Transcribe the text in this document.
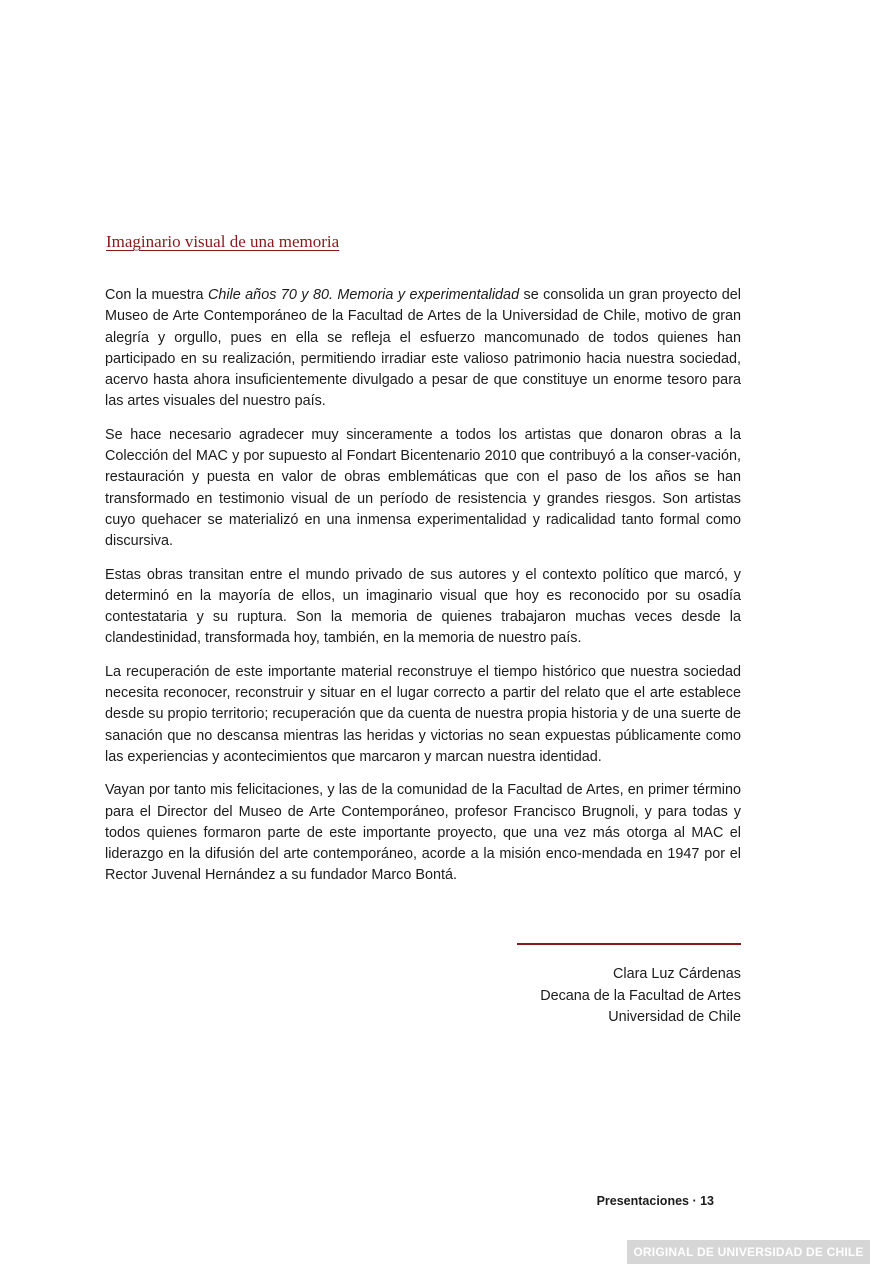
Imaginario visual de una memoria

Con la muestra Chile años 70 y 80. Memoria y experimentalidad se consolida un gran proyecto del Museo de Arte Contemporáneo de la Facultad de Artes de la Universidad de Chile, motivo de gran alegría y orgullo, pues en ella se refleja el esfuerzo mancomunado de todos quienes han participado en su realización, permitiendo irradiar este valioso patrimonio hacia nuestra sociedad, acervo hasta ahora insuficientemente divulgado a pesar de que constituye un enorme tesoro para las artes visuales del nuestro país.

Se hace necesario agradecer muy sinceramente a todos los artistas que donaron obras a la Colección del MAC y por supuesto al Fondart Bicentenario 2010 que contribuyó a la conser-vación, restauración y puesta en valor de obras emblemáticas que con el paso de los años se han transformado en testimonio visual de un período de resistencia y grandes riesgos. Son artistas cuyo quehacer se materializó en una inmensa experimentalidad y radicalidad tanto formal como discursiva.

Estas obras transitan entre el mundo privado de sus autores y el contexto político que marcó, y determinó en la mayoría de ellos, un imaginario visual que hoy es reconocido por su osadía contestataria y su ruptura. Son la memoria de quienes trabajaron muchas veces desde la clandestinidad, transformada hoy, también, en la memoria de nuestro país.

La recuperación de este importante material reconstruye el tiempo histórico que nuestra sociedad necesita reconocer, reconstruir y situar en el lugar correcto a partir del relato que el arte establece desde su propio territorio; recuperación que da cuenta de nuestra propia historia y de una suerte de sanación que no descansa mientras las heridas y victorias no sean expuestas públicamente como las experiencias y acontecimientos que marcaron y marcan nuestra identidad.

Vayan por tanto mis felicitaciones, y las de la comunidad de la Facultad de Artes, en primer término para el Director del Museo de Arte Contemporáneo, profesor Francisco Brugnoli, y para todas y todos quienes formaron parte de este importante proyecto, que una vez más otorga al MAC el liderazgo en la difusión del arte contemporáneo, acorde a la misión enco-mendada en 1947 por el Rector Juvenal Hernández a su fundador Marco Bontá.

Clara Luz Cárdenas
Decana de la Facultad de Artes
Universidad de Chile
Presentaciones · 13
ORIGINAL DE UNIVERSIDAD DE CHILE
